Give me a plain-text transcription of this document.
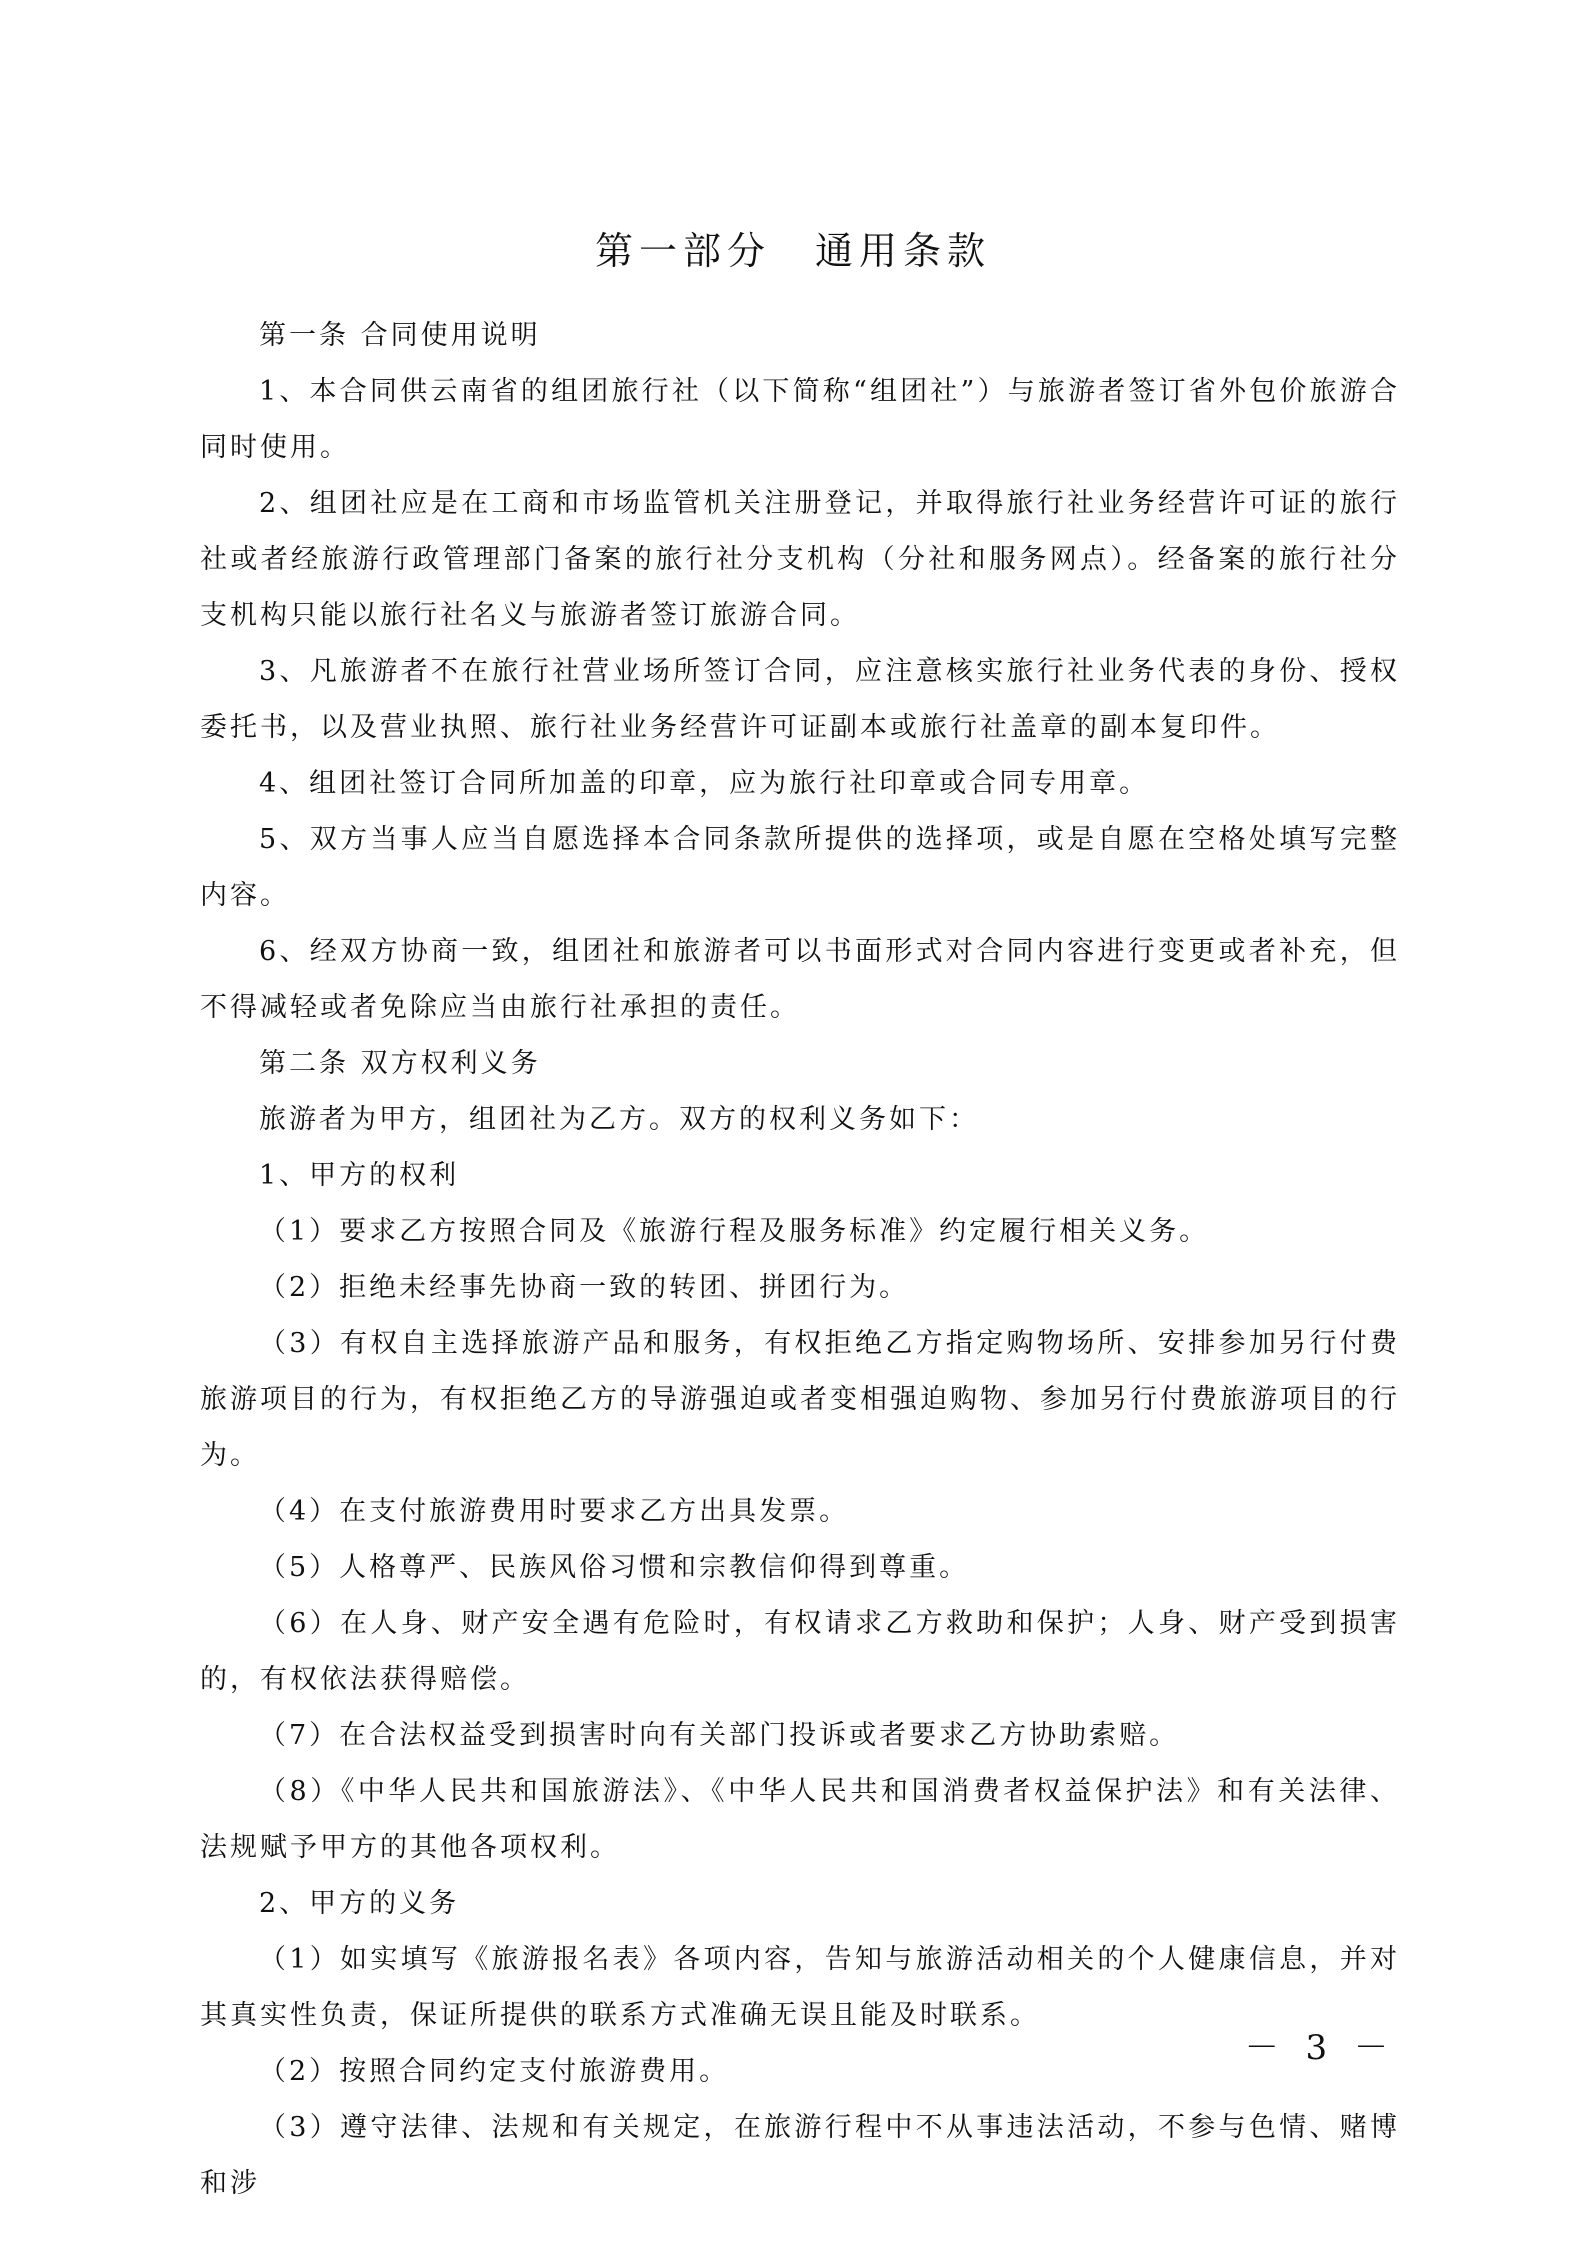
第一部分　通用条款

第一条 合同使用说明

1、本合同供云南省的组团旅行社（以下简称“组团社”）与旅游者签订省外包价旅游合同时使用。

2、组团社应是在工商和市场监管机关注册登记，并取得旅行社业务经营许可证的旅行社或者经旅游行政管理部门备案的旅行社分支机构（分社和服务网点）。经备案的旅行社分支机构只能以旅行社名义与旅游者签订旅游合同。

3、凡旅游者不在旅行社营业场所签订合同，应注意核实旅行社业务代表的身份、授权委托书，以及营业执照、旅行社业务经营许可证副本或旅行社盖章的副本复印件。

4、组团社签订合同所加盖的印章，应为旅行社印章或合同专用章。

5、双方当事人应当自愿选择本合同条款所提供的选择项，或是自愿在空格处填写完整内容。

6、经双方协商一致，组团社和旅游者可以书面形式对合同内容进行变更或者补充，但不得减轻或者免除应当由旅行社承担的责任。

第二条 双方权利义务

旅游者为甲方，组团社为乙方。双方的权利义务如下：

1、甲方的权利

（1）要求乙方按照合同及《旅游行程及服务标准》约定履行相关义务。

（2）拒绝未经事先协商一致的转团、拼团行为。

（3）有权自主选择旅游产品和服务，有权拒绝乙方指定购物场所、安排参加另行付费旅游项目的行为，有权拒绝乙方的导游强迫或者变相强迫购物、参加另行付费旅游项目的行为。

（4）在支付旅游费用时要求乙方出具发票。

（5）人格尊严、民族风俗习惯和宗教信仰得到尊重。

（6）在人身、财产安全遇有危险时，有权请求乙方救助和保护；人身、财产受到损害的，有权依法获得赔偿。

（7）在合法权益受到损害时向有关部门投诉或者要求乙方协助索赔。

（8）《中华人民共和国旅游法》、《中华人民共和国消费者权益保护法》和有关法律、法规赋予甲方的其他各项权利。

2、甲方的义务

（1）如实填写《旅游报名表》各项内容，告知与旅游活动相关的个人健康信息，并对其真实性负责，保证所提供的联系方式准确无误且能及时联系。

（2）按照合同约定支付旅游费用。

（3）遵守法律、法规和有关规定，在旅游行程中不从事违法活动，不参与色情、赌博和涉

－ 3 －
